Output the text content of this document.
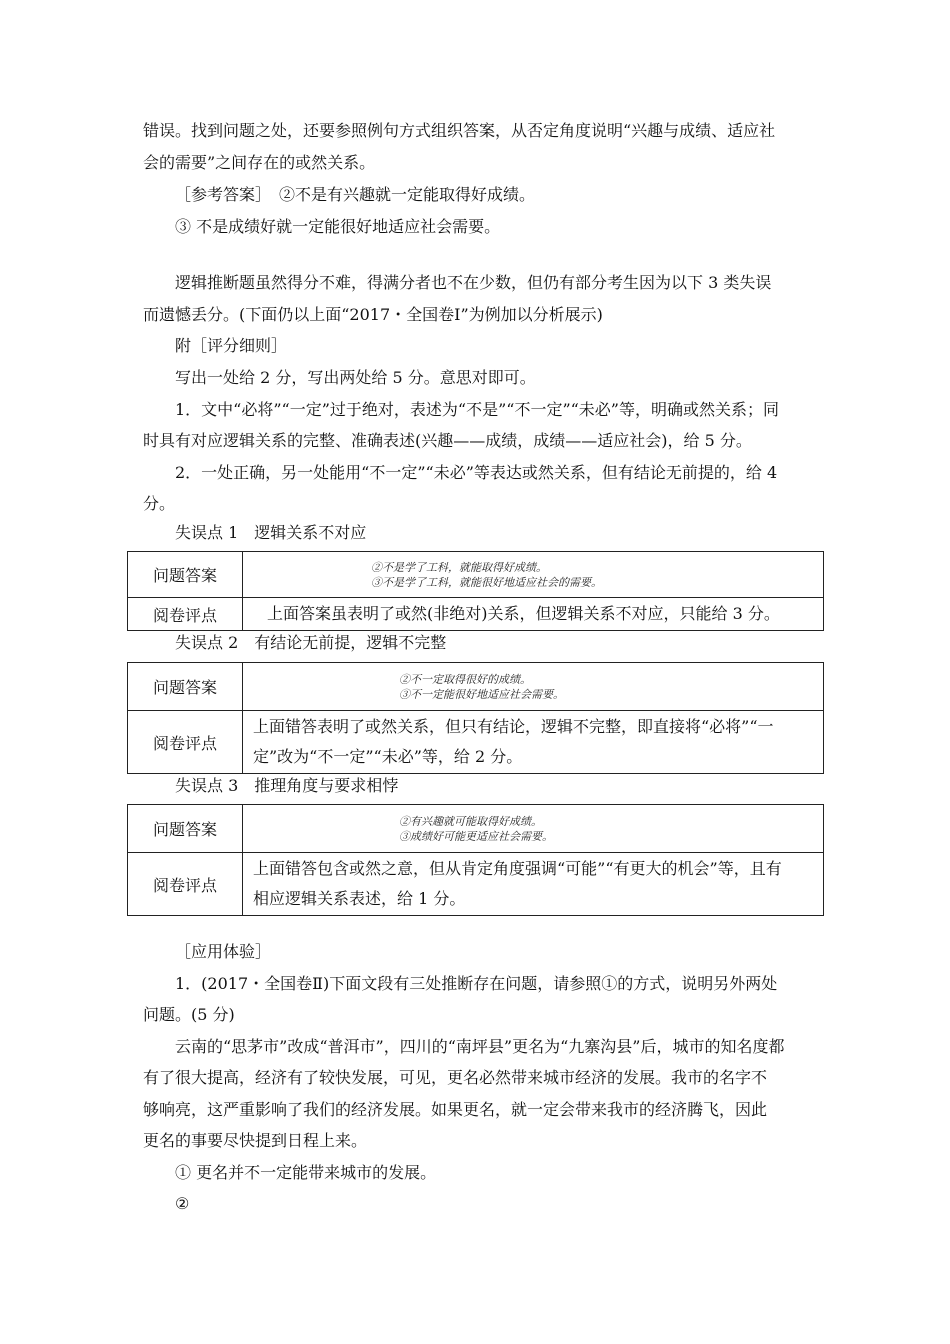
错误。找到问题之处，还要参照例句方式组织答案，从否定角度说明“兴趣与成绩、适应社
会的需要”之间存在的或然关系。
［参考答案］　②不是有兴趣就一定能取得好成绩。
③ 不是成绩好就一定能很好地适应社会需要。
逻辑推断题虽然得分不难，得满分者也不在少数，但仍有部分考生因为以下 3 类失误
而遗憾丢分。(下面仍以上面“2017・全国卷Ⅰ”为例加以分析展示)
附［评分细则］
写出一处给 2 分，写出两处给 5 分。意思对即可。
1．文中“必将”“一定”过于绝对，表述为“不是”“不一定”“未必”等，明确或然关系；同
时具有对应逻辑关系的完整、准确表述(兴趣——成绩，成绩——适应社会)，给 5 分。
2．一处正确，另一处能用“不一定”“未必”等表达或然关系，但有结论无前提的，给 4
分。
失误点 1　逻辑关系不对应
问题答案	②不是学了工科，就能取得好成绩。
③不是学了工科，就能很好地适应社会的需要。

阅卷评点	上面答案虽表明了或然(非绝对)关系，但逻辑关系不对应，只能给 3 分。
失误点 2　有结论无前提，逻辑不完整
问题答案	②不一定取得很好的成绩。
③不一定能很好地适应社会需要。

阅卷评点	上面错答表明了或然关系，但只有结论，逻辑不完整，即直接将“必将”“一
定”改为“不一定”“未必”等，给 2 分。
失误点 3　推理角度与要求相悖
问题答案	②有兴趣就可能取得好成绩。
③成绩好可能更适应社会需要。

阅卷评点	上面错答包含或然之意，但从肯定角度强调“可能”“有更大的机会”等，且有
相应逻辑关系表述，给 1 分。
［应用体验］
1．(2017・全国卷Ⅱ)下面文段有三处推断存在问题，请参照①的方式，说明另外两处
问题。(5 分)
云南的“思茅市”改成“普洱市”，四川的“南坪县”更名为“九寨沟县”后，城市的知名度都
有了很大提高，经济有了较快发展，可见，更名必然带来城市经济的发展。我市的名字不
够响亮，这严重影响了我们的经济发展。如果更名，就一定会带来我市的经济腾飞，因此
更名的事要尽快提到日程上来。
① 更名并不一定能带来城市的发展。
②
